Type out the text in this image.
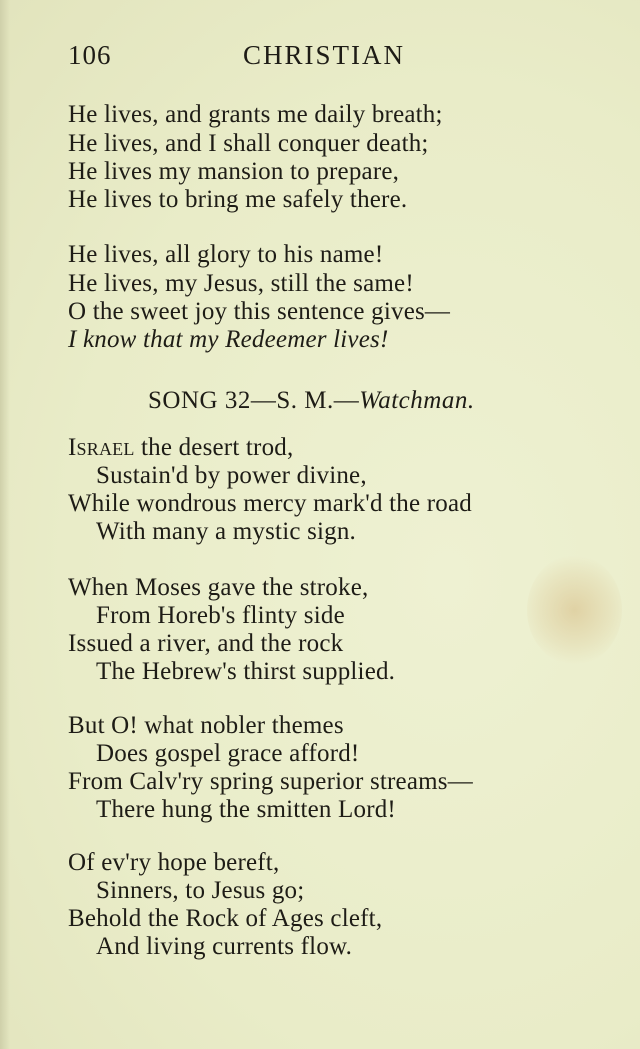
106	CHRISTIAN
He lives, and grants me daily breath;
He lives, and I shall conquer death;
He lives my mansion to prepare,
He lives to bring me safely there.
He lives, all glory to his name!
He lives, my Jesus, still the same!
O the sweet joy this sentence gives—
I know that my Redeemer lives!
SONG 32—S. M.—Watchman.
Israel the desert trod,
Sustain'd by power divine,
While wondrous mercy mark'd the road
With many a mystic sign.
When Moses gave the stroke,
From Horeb's flinty side
Issued a river, and the rock
The Hebrew's thirst supplied.
But O! what nobler themes
Does gospel grace afford!
From Calv'ry spring superior streams—
There hung the smitten Lord!
Of ev'ry hope bereft,
Sinners, to Jesus go;
Behold the Rock of Ages cleft,
And living currents flow.
